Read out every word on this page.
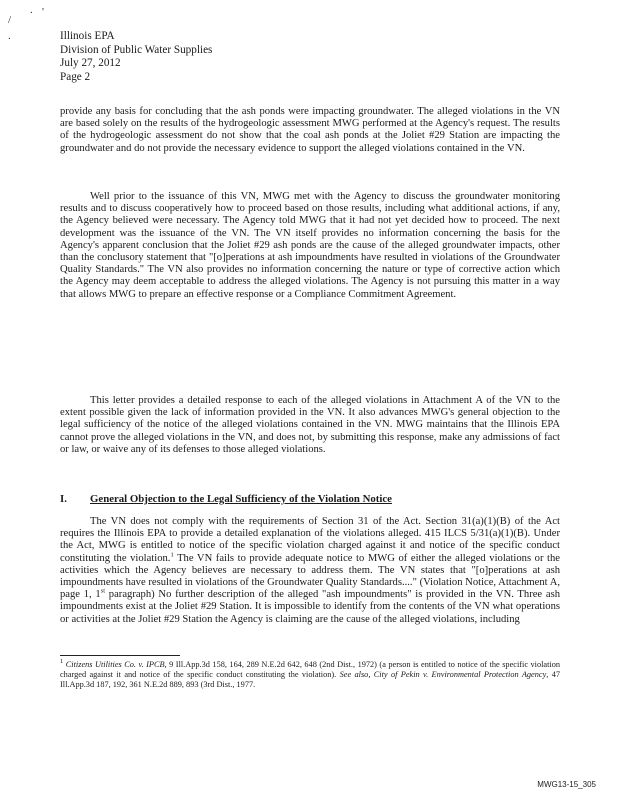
. '
/
.	Illinois EPA
Division of Public Water Supplies
July 27, 2012
Page 2

provide any basis for concluding that the ash ponds were impacting groundwater. The alleged violations in the VN are based solely on the results of the hydrogeologic assessment MWG performed at the Agency's request. The results of the hydrogeologic assessment do not show that the coal ash ponds at the Joliet #29 Station are impacting the groundwater and do not provide the necessary evidence to support the alleged violations contained in the VN.

Well prior to the issuance of this VN, MWG met with the Agency to discuss the groundwater monitoring results and to discuss cooperatively how to proceed based on those results, including what additional actions, if any, the Agency believed were necessary. The Agency told MWG that it had not yet decided how to proceed. The next development was the issuance of the VN. The VN itself provides no information concerning the basis for the Agency's apparent conclusion that the Joliet #29 ash ponds are the cause of the alleged groundwater impacts, other than the conclusory statement that "[o]perations at ash impoundments have resulted in violations of the Groundwater Quality Standards." The VN also provides no information concerning the nature or type of corrective action which the Agency may deem acceptable to address the alleged violations. The Agency is not pursuing this matter in a way that allows MWG to prepare an effective response or a Compliance Commitment Agreement.

This letter provides a detailed response to each of the alleged violations in Attachment A of the VN to the extent possible given the lack of information provided in the VN. It also advances MWG's general objection to the legal sufficiency of the notice of the alleged violations contained in the VN. MWG maintains that the Illinois EPA cannot prove the alleged violations in the VN, and does not, by submitting this response, make any admissions of fact or law, or waive any of its defenses to those alleged violations.

I. General Objection to the Legal Sufficiency of the Violation Notice

The VN does not comply with the requirements of Section 31 of the Act. Section 31(a)(1)(B) of the Act requires the Illinois EPA to provide a detailed explanation of the violations alleged. 415 ILCS 5/31(a)(1)(B). Under the Act, MWG is entitled to notice of the specific violation charged against it and notice of the specific conduct constituting the violation.$^1$ The VN fails to provide adequate notice to MWG of either the alleged violations or the activities which the Agency believes are necessary to address them. The VN states that "[o]perations at ash impoundments have resulted in violations of the Groundwater Quality Standards...." (Violation Notice, Attachment A, page 1, 1st paragraph) No further description of the alleged "ash impoundments" is provided in the VN. Three ash impoundments exist at the Joliet #29 Station. It is impossible to identify from the contents of the VN what operations or activities at the Joliet #29 Station the Agency is claiming are the cause of the alleged violations, including

$^1$ Citizens Utilities Co. v. IPCB, 9 Ill.App.3d 158, 164, 289 N.E.2d 642, 648 (2nd Dist., 1972) (a person is entitled to notice of the specific violation charged against it and notice of the specific conduct constituting the violation). See also, City of Pekin v. Environmental Protection Agency, 47 Ill.App.3d 187, 192, 361 N.E.2d 889, 893 (3rd Dist., 1977.

MWG13-15_305
